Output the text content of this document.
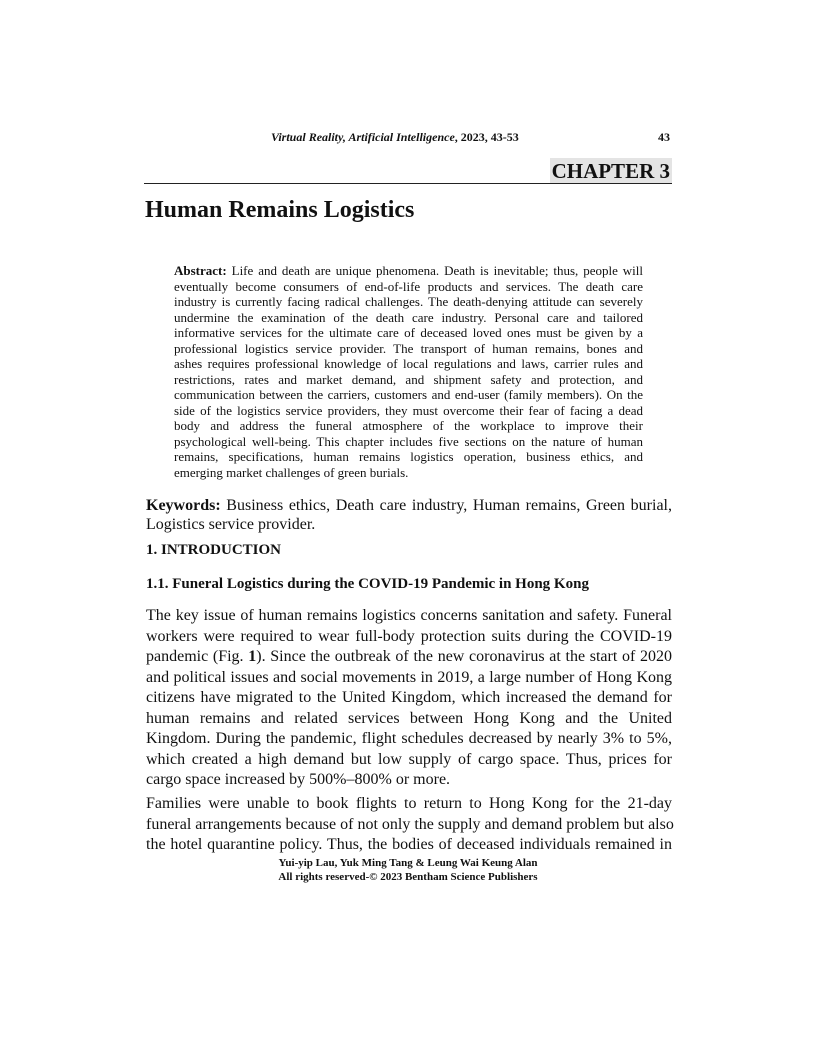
Virtual Reality, Artificial Intelligence, 2023, 43-53	43
CHAPTER 3
Human Remains Logistics
Abstract: Life and death are unique phenomena. Death is inevitable; thus, people will
eventually become consumers of end-of-life products and services. The death care
industry is currently facing radical challenges. The death-denying attitude can severely
undermine the examination of the death care industry. Personal care and tailored
informative services for the ultimate care of deceased loved ones must be given by a
professional logistics service provider. The transport of human remains, bones and
ashes requires professional knowledge of local regulations and laws, carrier rules and
restrictions, rates and market demand, and shipment safety and protection, and
communication between the carriers, customers and end-user (family members). On the
side of the logistics service providers, they must overcome their fear of facing a dead
body and address the funeral atmosphere of the workplace to improve their
psychological well-being. This chapter includes five sections on the nature of human
remains, specifications, human remains logistics operation, business ethics, and
emerging market challenges of green burials.
Keywords: Business ethics, Death care industry, Human remains, Green burial,
Logistics service provider.
1. INTRODUCTION
1.1. Funeral Logistics during the COVID-19 Pandemic in Hong Kong
The key issue of human remains logistics concerns sanitation and safety. Funeral
workers were required to wear full-body protection suits during the COVID-19
pandemic (Fig. 1). Since the outbreak of the new coronavirus at the start of 2020
and political issues and social movements in 2019, a large number of Hong Kong
citizens have migrated to the United Kingdom, which increased the demand for
human remains and related services between Hong Kong and the United
Kingdom. During the pandemic, flight schedules decreased by nearly 3% to 5%,
which created a high demand but low supply of cargo space. Thus, prices for
cargo space increased by 500%–800% or more.
Families were unable to book flights to return to Hong Kong for the 21-day
funeral arrangements because of not only the supply and demand problem but also
the hotel quarantine policy. Thus, the bodies of deceased individuals remained in
Yui-yip Lau, Yuk Ming Tang & Leung Wai Keung Alan
All rights reserved-© 2023 Bentham Science Publishers
